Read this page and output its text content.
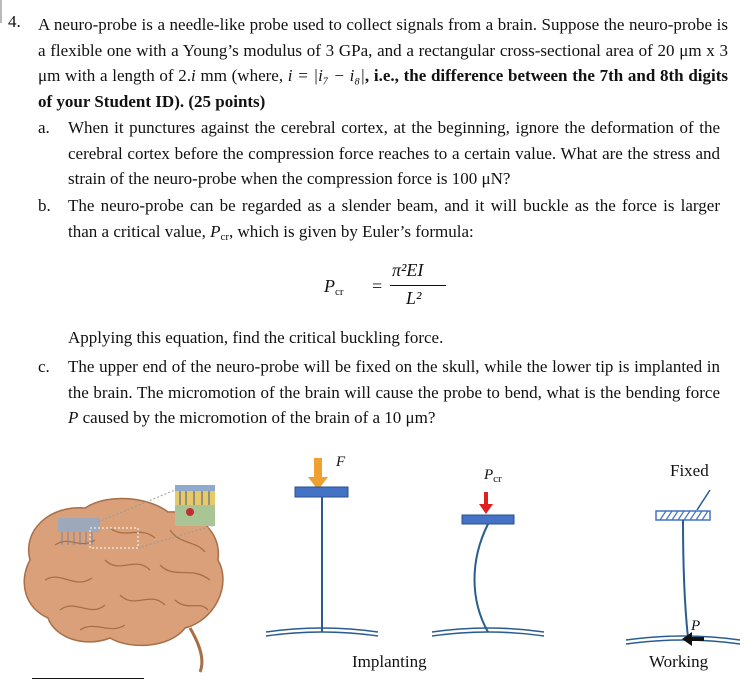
4. A neuro-probe is a needle-like probe used to collect signals from a brain. Suppose the neuro-probe is a flexible one with a Young’s modulus of 3 GPa, and a rectangular cross-sectional area of 20 μm x 3 μm with a length of 2.i mm (where, i = |i₇ − i₈|, i.e., the difference between the 7th and 8th digits of your Student ID). (25 points)
a. When it punctures against the cerebral cortex, at the beginning, ignore the deformation of the cerebral cortex before the compression force reaches to a certain value. What are the stress and strain of the neuro-probe when the compression force is 100 μN?
b. The neuro-probe can be regarded as a slender beam, and it will buckle as the force is larger than a critical value, $P_{cr}$, which is given by Euler’s formula:
$P_{cr}$ =
π²EI
L²
Applying this equation, find the critical buckling force.
c. The upper end of the neuro-probe will be fixed on the skull, while the lower tip is implanted in the brain. The micromotion of the brain will cause the probe to bend, what is the bending force P caused by the micromotion of the brain of a 10 μm?
F
$P_{cr}$	Fixed
P
Implanting	Working
